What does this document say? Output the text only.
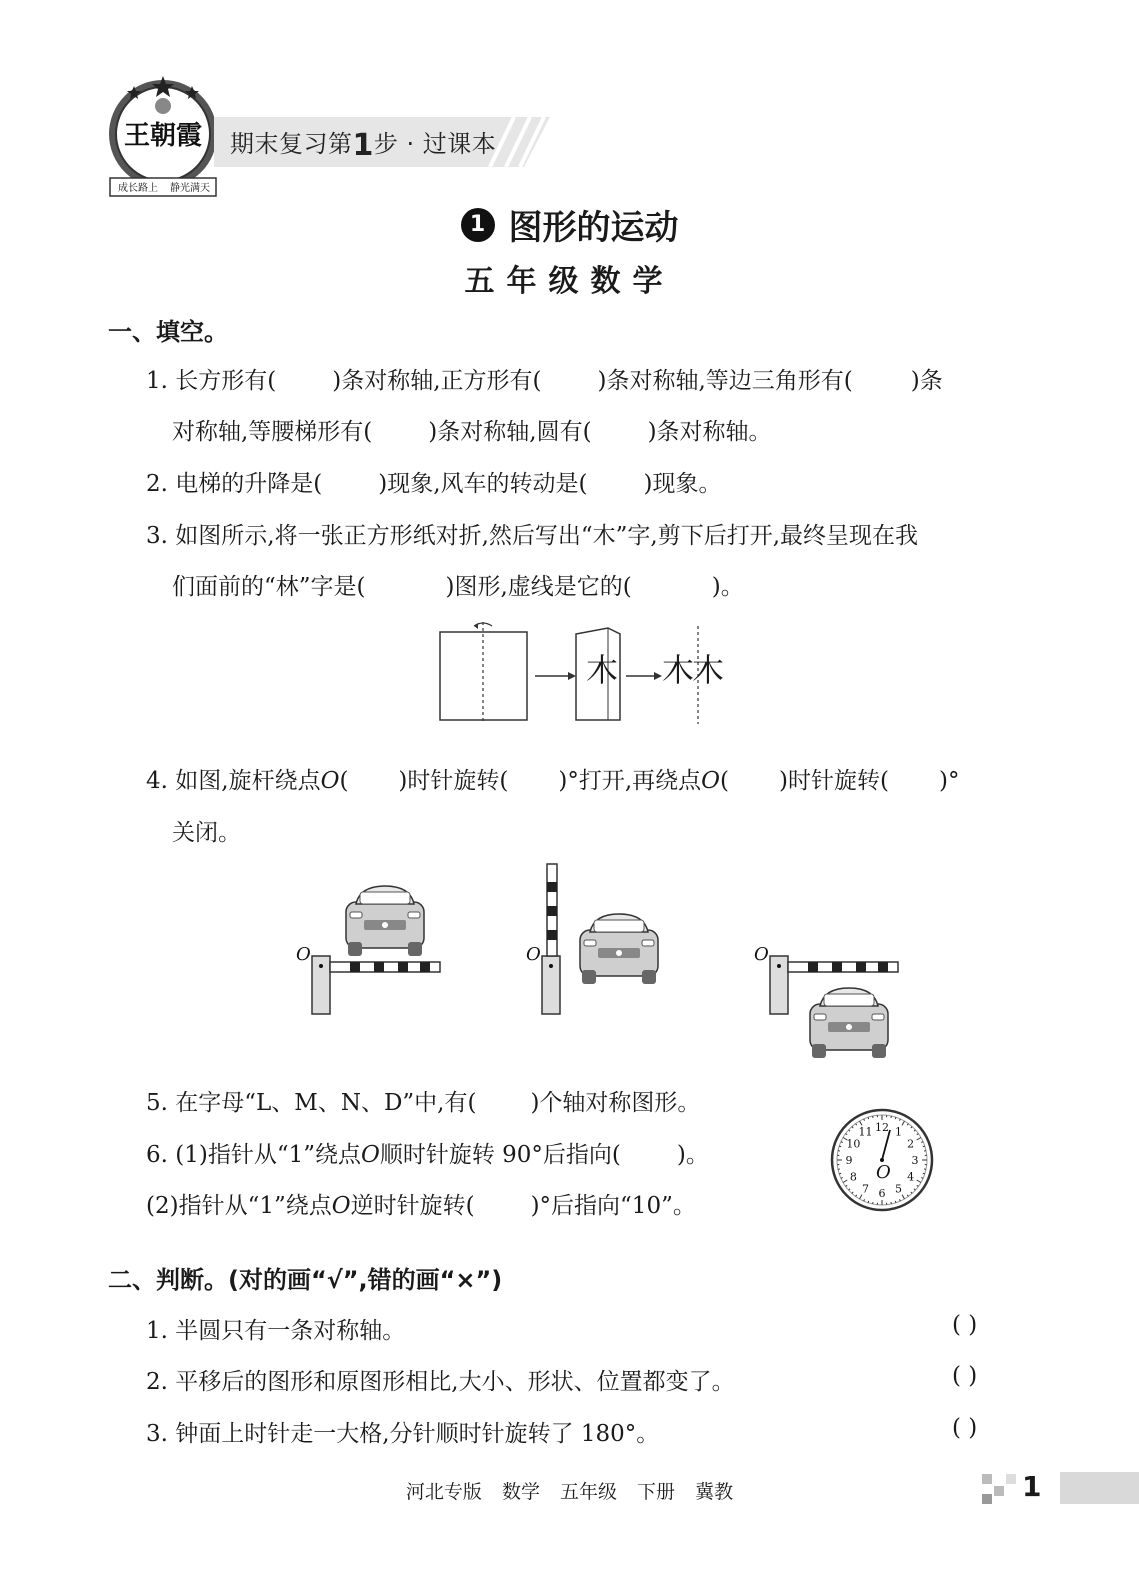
王朝霞
成长路上 静光满天
期末复习第1步 · 过课本
1 图形的运动
五年级数学
一、填空。
1. 长方形有( )条对称轴,正方形有( )条对称轴,等边三角形有(	)条
对称轴,等腰梯形有( )条对称轴,圆有( )条对称轴。
2. 电梯的升降是( )现象,风车的转动是( )现象。
3. 如图所示,将一张正方形纸对折,然后写出“木”字,剪下后打开,最终呈现在我
们面前的“林”字是(	)图形,虚线是它的(	)。
木 木木
4. 如图,旋杆绕点O( )时针旋转( )°打开,再绕点O( )时针旋转( )°
关闭。
O	O	O
5. 在字母“L、M、N、D”中,有( )个轴对称图形。
6. (1)指针从“1”绕点O顺时针旋转 90°后指向( )。
(2)指针从“1”绕点O逆时针旋转( )°后指向“10”。
12 1
2
3
4
5
6
7
8
9
10
11
O
二、判断。(对的画“√”,错的画“×”)
1. 半圆只有一条对称轴。	( )
2. 平移后的图形和原图形相比,大小、形状、位置都变了。	( )
3. 钟面上时针走一大格,分针顺时针旋转了 180°。	( )
河北专版 数学 五年级 下册 冀教	1
